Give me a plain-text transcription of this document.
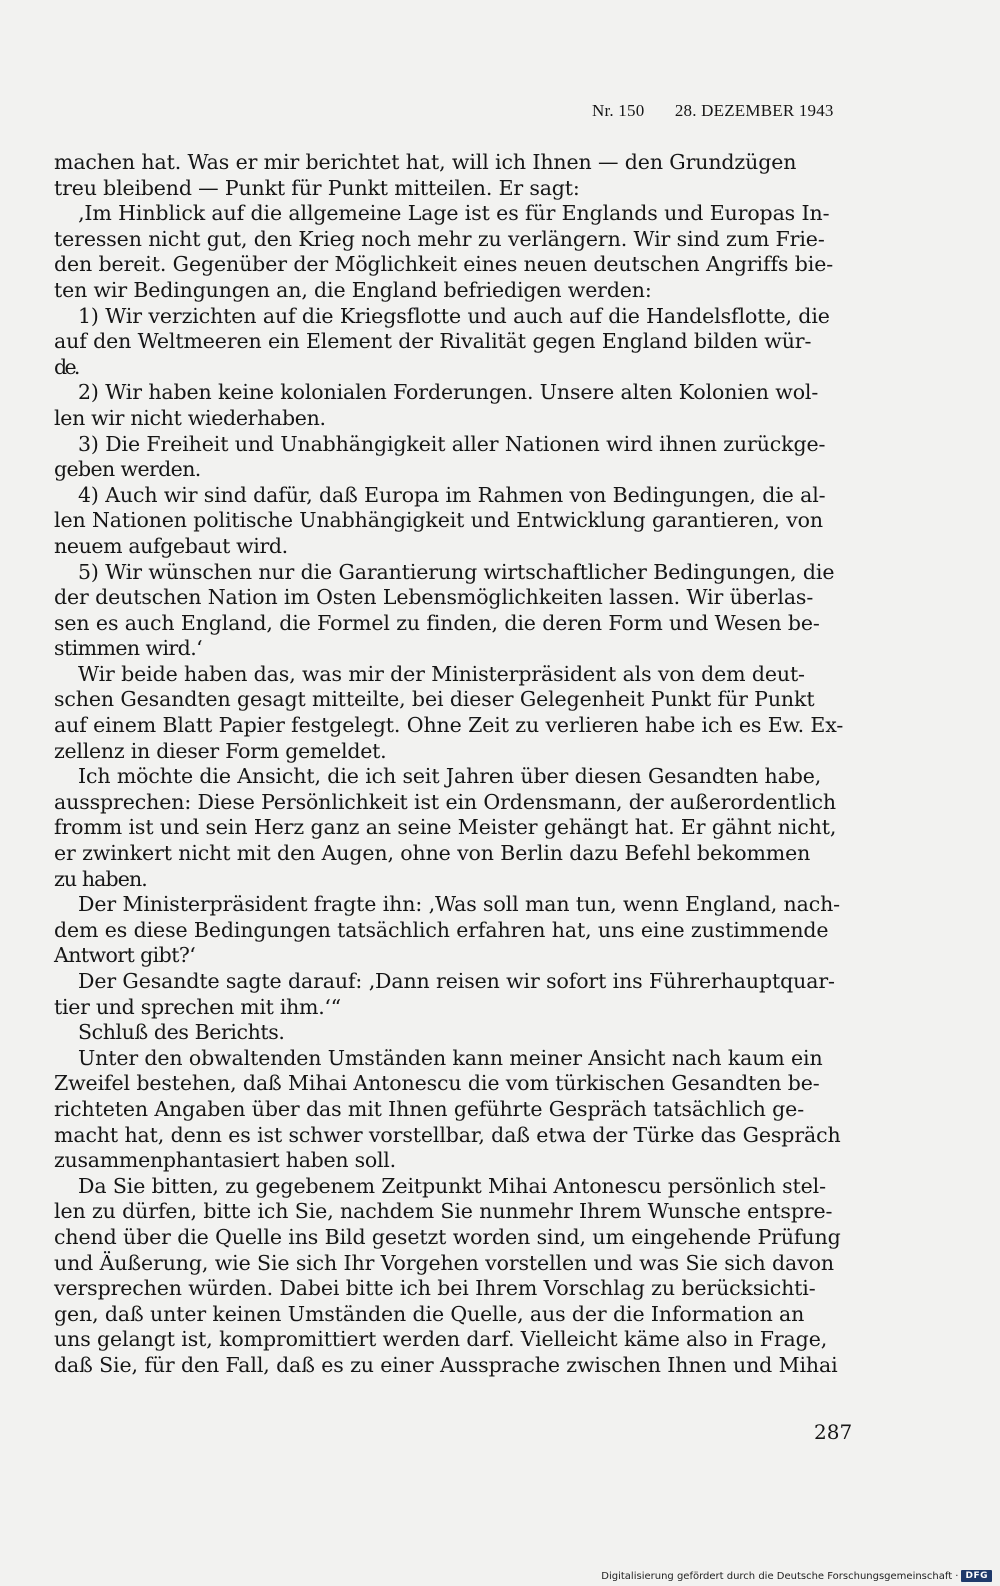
Nr. 150 28. DEZEMBER 1943
machen hat. Was er mir berichtet hat, will ich Ihnen — den Grundzügen
treu bleibend — Punkt für Punkt mitteilen. Er sagt:
‚Im Hinblick auf die allgemeine Lage ist es für Englands und Europas In-
teressen nicht gut, den Krieg noch mehr zu verlängern. Wir sind zum Frie-
den bereit. Gegenüber der Möglichkeit eines neuen deutschen Angriffs bie-
ten wir Bedingungen an, die England befriedigen werden:
1) Wir verzichten auf die Kriegsflotte und auch auf die Handelsflotte, die
auf den Weltmeeren ein Element der Rivalität gegen England bilden wür-
de.
2) Wir haben keine kolonialen Forderungen. Unsere alten Kolonien wol-
len wir nicht wiederhaben.
3) Die Freiheit und Unabhängigkeit aller Nationen wird ihnen zurückge-
geben werden.
4) Auch wir sind dafür, daß Europa im Rahmen von Bedingungen, die al-
len Nationen politische Unabhängigkeit und Entwicklung garantieren, von
neuem aufgebaut wird.
5) Wir wünschen nur die Garantierung wirtschaftlicher Bedingungen, die
der deutschen Nation im Osten Lebensmöglichkeiten lassen. Wir überlas-
sen es auch England, die Formel zu finden, die deren Form und Wesen be-
stimmen wird.‘
Wir beide haben das, was mir der Ministerpräsident als von dem deut-
schen Gesandten gesagt mitteilte, bei dieser Gelegenheit Punkt für Punkt
auf einem Blatt Papier festgelegt. Ohne Zeit zu verlieren habe ich es Ew. Ex-
zellenz in dieser Form gemeldet.
Ich möchte die Ansicht, die ich seit Jahren über diesen Gesandten habe,
aussprechen: Diese Persönlichkeit ist ein Ordensmann, der außerordentlich
fromm ist und sein Herz ganz an seine Meister gehängt hat. Er gähnt nicht,
er zwinkert nicht mit den Augen, ohne von Berlin dazu Befehl bekommen
zu haben.
Der Ministerpräsident fragte ihn: ‚Was soll man tun, wenn England, nach-
dem es diese Bedingungen tatsächlich erfahren hat, uns eine zustimmende
Antwort gibt?‘
Der Gesandte sagte darauf: ‚Dann reisen wir sofort ins Führerhauptquar-
tier und sprechen mit ihm.‘“
Schluß des Berichts.
Unter den obwaltenden Umständen kann meiner Ansicht nach kaum ein
Zweifel bestehen, daß Mihai Antonescu die vom türkischen Gesandten be-
richteten Angaben über das mit Ihnen geführte Gespräch tatsächlich ge-
macht hat, denn es ist schwer vorstellbar, daß etwa der Türke das Gespräch
zusammenphantasiert haben soll.
Da Sie bitten, zu gegebenem Zeitpunkt Mihai Antonescu persönlich stel-
len zu dürfen, bitte ich Sie, nachdem Sie nunmehr Ihrem Wunsche entspre-
chend über die Quelle ins Bild gesetzt worden sind, um eingehende Prüfung
und Äußerung, wie Sie sich Ihr Vorgehen vorstellen und was Sie sich davon
versprechen würden. Dabei bitte ich bei Ihrem Vorschlag zu berücksichti-
gen, daß unter keinen Umständen die Quelle, aus der die Information an
uns gelangt ist, kompromittiert werden darf. Vielleicht käme also in Frage,
daß Sie, für den Fall, daß es zu einer Aussprache zwischen Ihnen und Mihai
287
Digitalisierung gefördert durch die Deutsche Forschungsgemeinschaft · DFG
